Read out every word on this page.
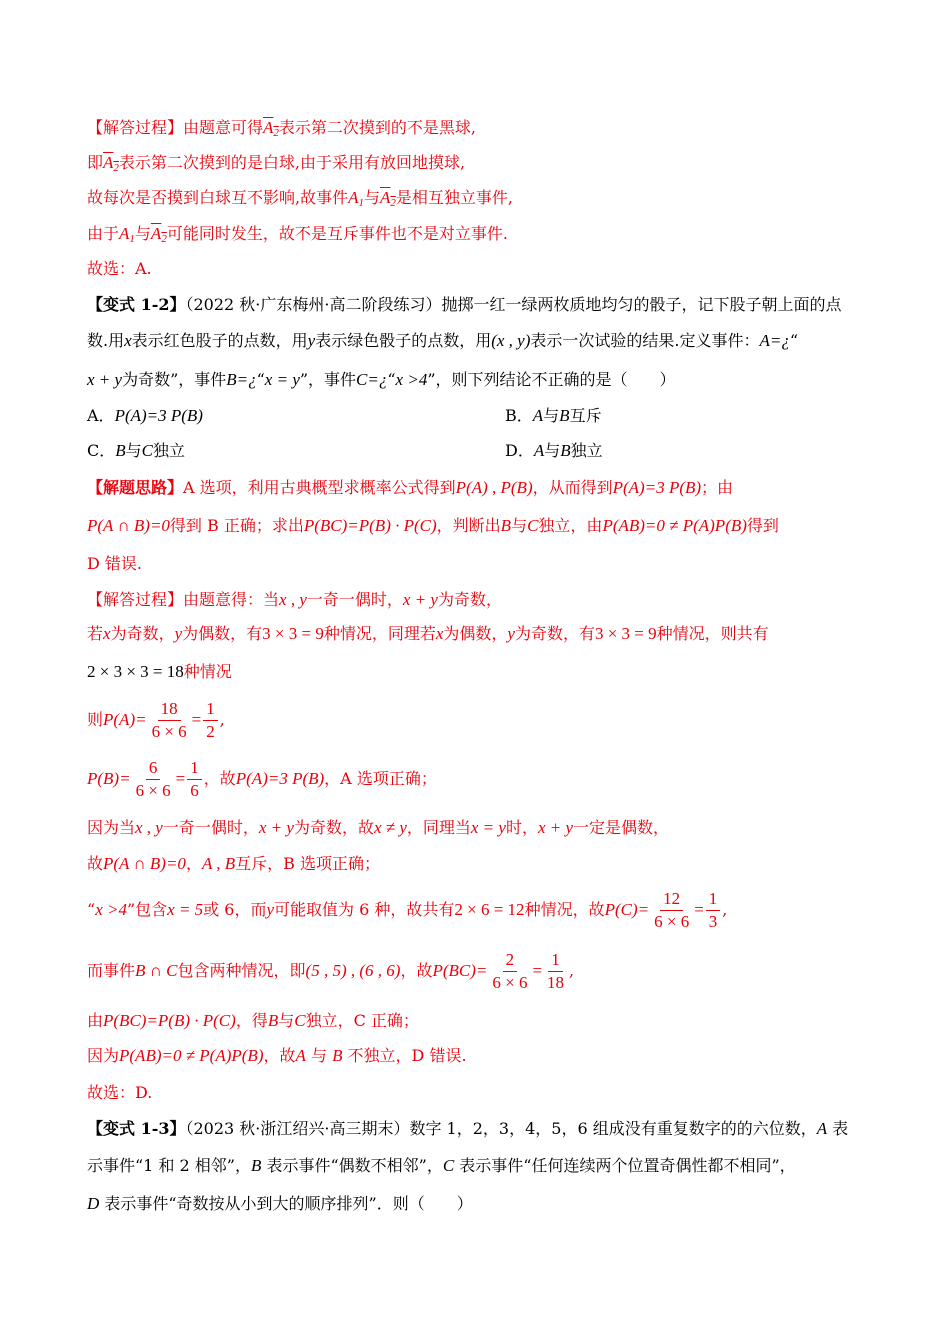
【解答过程】由题意可得$A_2$表示第二次摸到的不是黑球,
即$A_2$表示第二次摸到的是白球,由于采用有放回地摸球,
故每次是否摸到白球互不影响,故事件$A_1$与$A_2$是相互独立事件,
由于$A_1$与$A_2$可能同时发生，故不是互斥事件也不是对立事件.
故选：A.
【变式 1-2】（2022 秋·广东梅州·高二阶段练习）抛掷一红一绿两枚质地均匀的骰子，记下股子朝上面的点
数.用x表示红色股子的点数，用y表示绿色骰子的点数，用(x , y)表示一次试验的结果.定义事件：A=¿“
x + y为奇数”，事件B=¿“x = y”，事件C=¿“x >4”，则下列结论不正确的是（　　）
A．P(A)=3 P(B)	B．A与B互斥
C．B与C独立	D．A与B独立
【解题思路】A 选项，利用古典概型求概率公式得到P(A) , P(B)，从而得到P(A)=3 P(B)；由
P(A ∩ B)=0得到 B 正确；求出P(BC)=P(B) · P(C)，判断出B与C独立，由P(AB)=0 ≠ P(A)P(B)得到
D 错误.
【解答过程】由题意得：当x , y一奇一偶时，x + y为奇数，
若x为奇数，y为偶数，有3 × 3 = 9种情况，同理若x为偶数，y为奇数，有3 × 3 = 9种情况，则共有
2 × 3 × 3 = 18种情况
则$P(A)= \frac{18}{6 \times 6} = \frac{1}{2}$ ,
$P(B)= \frac{6}{6 \times 6} = \frac{1}{6}$ ，故P(A)=3 P(B)，A 选项正确；
因为当x , y一奇一偶时，x + y为奇数，故x ≠ y，同理当x = y时，x + y一定是偶数，
故P(A ∩ B)=0，A , B互斥，B 选项正确；
“x >4”包含x = 5或 6，而y可能取值为 6 种，故共有2 × 6 = 12种情况，故$P(C)= \frac{12}{6 \times 6} = \frac{1}{3}$ ,
而事件B ∩ C包含两种情况，即(5 , 5) , (6 , 6)，故$P(BC)= \frac{2}{6 \times 6} = \frac{1}{18}$ ,
由P(BC)=P(B) · P(C)，得B与C独立，C 正确；
因为P(AB)=0 ≠ P(A)P(B)，故A 与 B 不独立，D 错误.
故选：D.
【变式 1-3】（2023 秋·浙江绍兴·高三期末）数字 1，2，3，4，5，6 组成没有重复数字的的六位数，A 表
示事件“1 和 2 相邻”，B 表示事件“偶数不相邻”，C 表示事件“任何连续两个位置奇偶性都不相同”，
D 表示事件“奇数按从小到大的顺序排列”．则（　　）
